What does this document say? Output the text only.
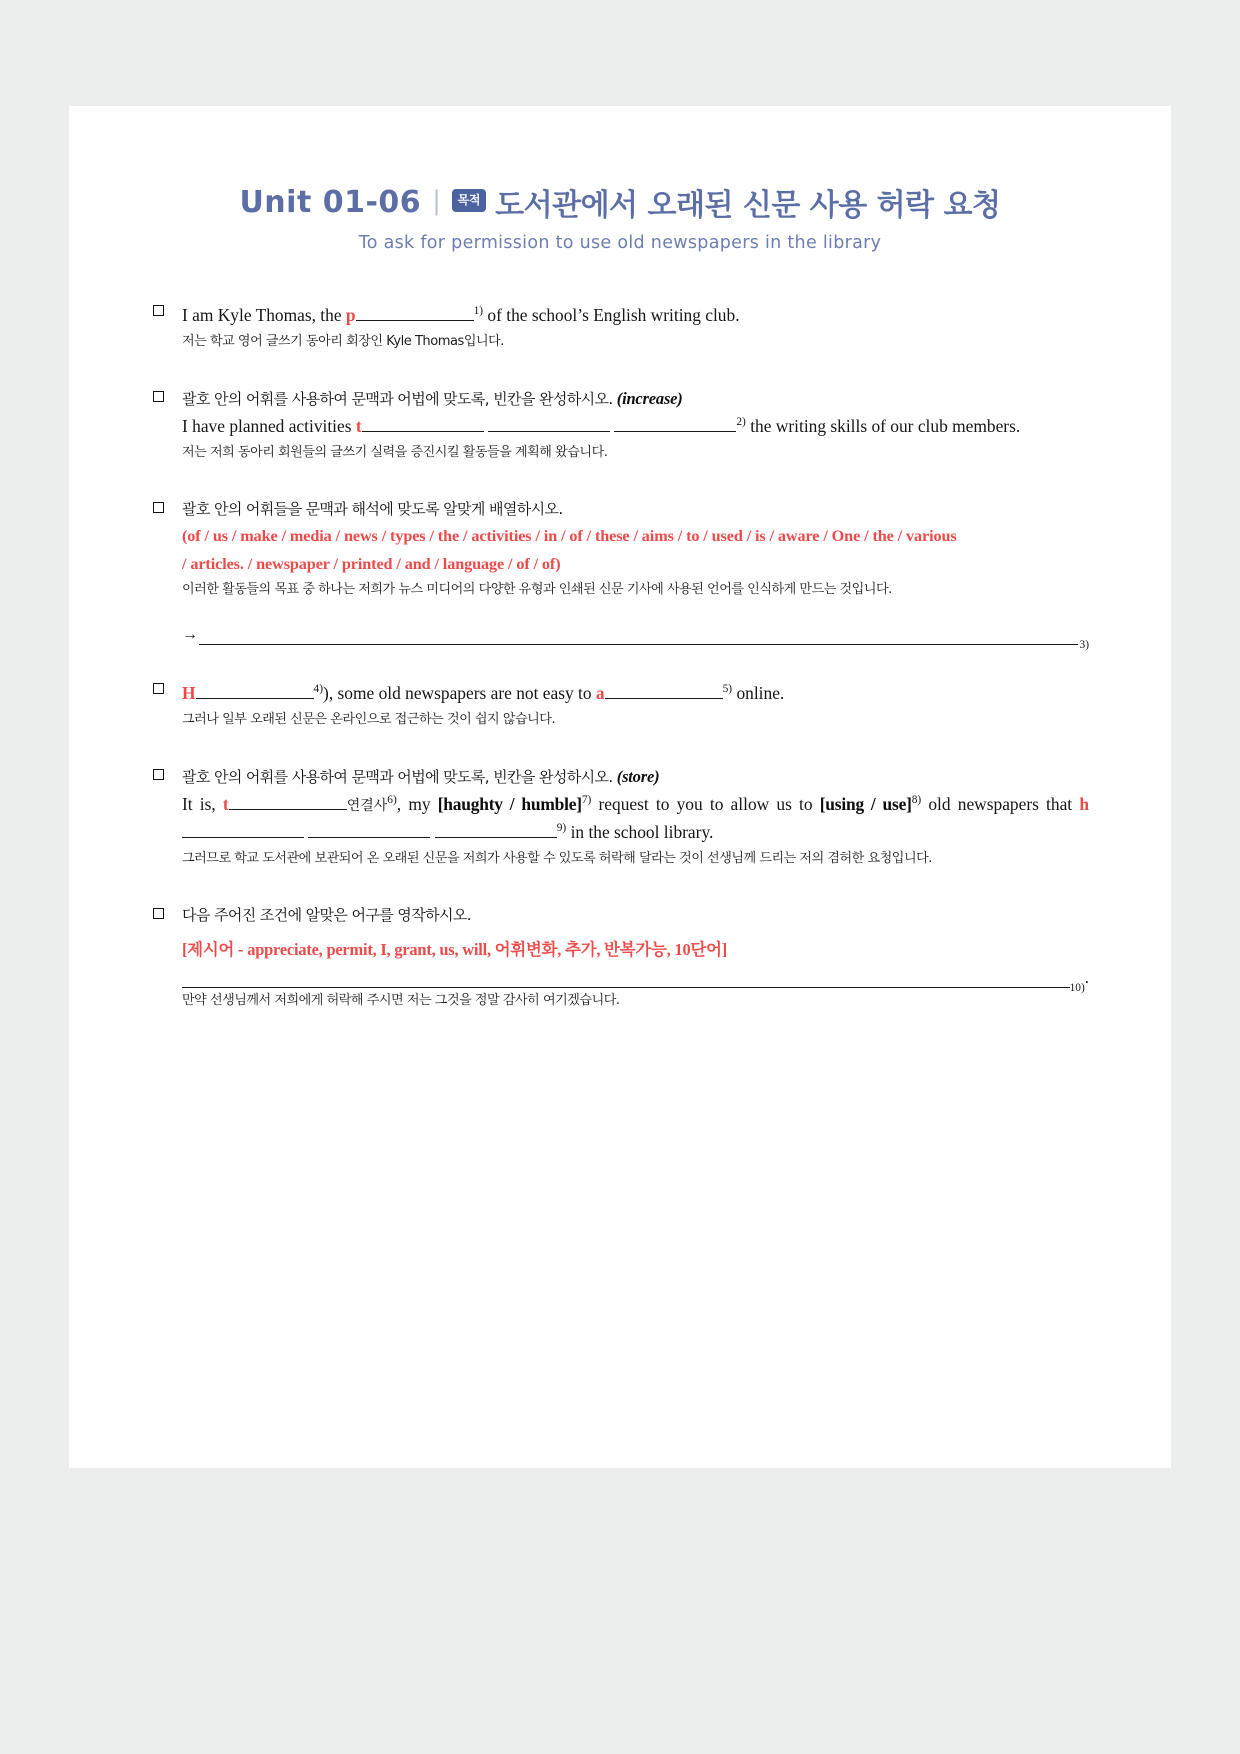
Unit 01-06 |	목적 도서관에서 오래된 신문 사용 허락 요청
To ask for permission to use old newspapers in the library
I am Kyle Thomas, the p	$^{1)}$ of the school’s English writing club.
저는 학교 영어 글쓰기 동아리 회장인 Kyle Thomas입니다.
괄호 안의 어휘를 사용하여 문맥과 어법에 맞도록, 빈칸을 완성하시오. (increase)
I have planned activities t	$^{2)}$ the writing skills of our club members.
저는 저희 동아리 회원들의 글쓰기 실력을 증진시킬 활동들을 계획해 왔습니다.
괄호 안의 어휘들을 문맥과 해석에 맞도록 알맞게 배열하시오.
(of / us / make / media / news / types / the / activities / in / of / these / aims / to / used / is / aware / One / the / various
/ articles. / newspaper / printed / and / language / of / of)
이러한 활동들의 목표 중 하나는 저희가 뉴스 미디어의 다양한 유형과 인쇄된 신문 기사에 사용된 언어를 인식하게 만드는 것입니다.
→
3)
H	$^{4)}$), some old newspapers are not easy to a	$^{5)}$ online.
그러나 일부 오래된 신문은 온라인으로 접근하는 것이 쉽지 않습니다.
괄호 안의 어휘를 사용하여 문맥과 어법에 맞도록, 빈칸을 완성하시오. (store)
It is, t	연결사$^{6)}$, my [haughty / humble]$^{7)}$ request to you to allow us to [using / use]$^{8)}$ old newspapers that h  $^{9)}$ in the school library.
그러므로 학교 도서관에 보관되어 온 오래된 신문을 저희가 사용할 수 있도록 허락해 달라는 것이 선생님께 드리는 저의 겸허한 요청입니다.
다음 주어진 조건에 알맞은 어구를 영작하시오.
[제시어 - appreciate, permit, I, grant, us, will, 어휘변화, 추가, 반복가능, 10단어]
10)
.
만약 선생님께서 저희에게 허락해 주시면 저는 그것을 정말 감사히 여기겠습니다.
